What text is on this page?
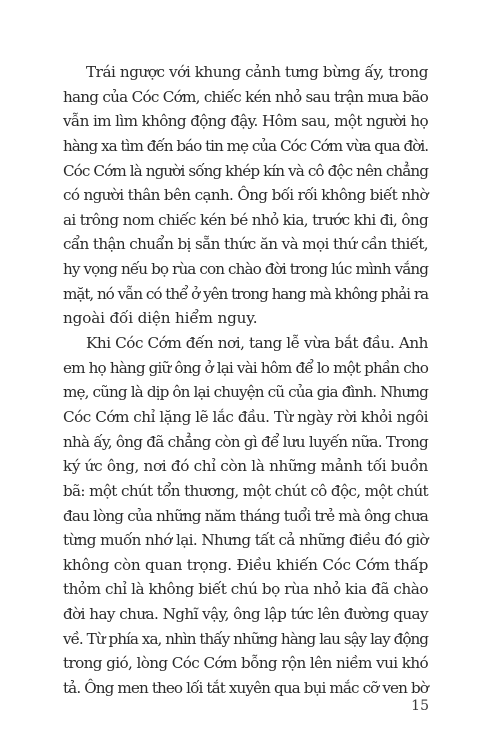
Trái ngược với khung cảnh tưng bừng ấy, trong
hang của Cóc Cớm, chiếc kén nhỏ sau trận mưa bão
vẫn im lìm không động đậy. Hôm sau, một người họ
hàng xa tìm đến báo tin mẹ của Cóc Cớm vừa qua đời.
Cóc Cớm là người sống khép kín và cô độc nên chẳng
có người thân bên cạnh. Ông bối rối không biết nhờ
ai trông nom chiếc kén bé nhỏ kia, trước khi đi, ông
cẩn thận chuẩn bị sẵn thức ăn và mọi thứ cần thiết,
hy vọng nếu bọ rùa con chào đời trong lúc mình vắng
mặt, nó vẫn có thể ở yên trong hang mà không phải ra
ngoài đối diện hiểm nguy.
Khi Cóc Cớm đến nơi, tang lễ vừa bắt đầu. Anh
em họ hàng giữ ông ở lại vài hôm để lo một phần cho
mẹ, cũng là dịp ôn lại chuyện cũ của gia đình. Nhưng
Cóc Cớm chỉ lặng lẽ lắc đầu. Từ ngày rời khỏi ngôi
nhà ấy, ông đã chẳng còn gì để lưu luyến nữa. Trong
ký ức ông, nơi đó chỉ còn là những mảnh tối buồn
bã: một chút tổn thương, một chút cô độc, một chút
đau lòng của những năm tháng tuổi trẻ mà ông chưa
từng muốn nhớ lại. Nhưng tất cả những điều đó giờ
không còn quan trọng. Điều khiến Cóc Cớm thấp
thỏm chỉ là không biết chú bọ rùa nhỏ kia đã chào
đời hay chưa. Nghĩ vậy, ông lập tức lên đường quay
về. Từ phía xa, nhìn thấy những hàng lau sậy lay động
trong gió, lòng Cóc Cớm bỗng rộn lên niềm vui khó
tả. Ông men theo lối tắt xuyên qua bụi mắc cỡ ven bờ
15
